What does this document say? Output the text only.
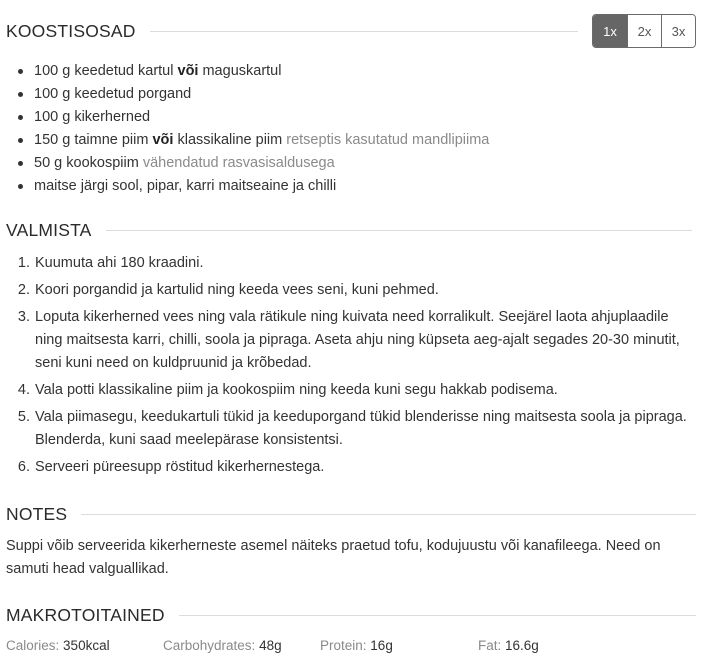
KOOSTISOSAD	1x	2x	3x
100 g keedetud kartul või maguskartul
100 g keedetud porgand
100 g kikerherned
150 g taimne piim või klassikaline piim retseptis kasutatud mandlipiima
50 g kookospiim vähendatud rasvasisaldusega
maitse järgi sool, pipar, karri maitseaine ja chilli
VALMISTA
1. Kuumuta ahi 180 kraadini.
2. Koori porgandid ja kartulid ning keeda vees seni, kuni pehmed.
3. Loputa kikerherned vees ning vala rätikule ning kuivata need korralikult. Seejärel laota ahjuplaadile ning maitsesta karri, chilli, soola ja pipraga. Aseta ahju ning küpseta aeg-ajalt segades 20-30 minutit, seni kuni need on kuldpruunid ja krõbedad.
4. Vala potti klassikaline piim ja kookospiim ning keeda kuni segu hakkab podisema.
5. Vala piimasegu, keedukartuli tükid ja keeduporgand tükid blenderisse ning maitsesta soola ja pipraga. Blenderda, kuni saad meelepärase konsistentsi.
6. Serveeri püreesupp röstitud kikerhernestega.
NOTES

Suppi võib serveerida kikerherneste asemel näiteks praetud tofu, kodujuustu või kanafileega. Need on samuti head valguallikad.

MAKROTOITAINED
Calories: 350kcal	Carbohydrates: 48g	Protein: 16g	Fat: 16.6g
